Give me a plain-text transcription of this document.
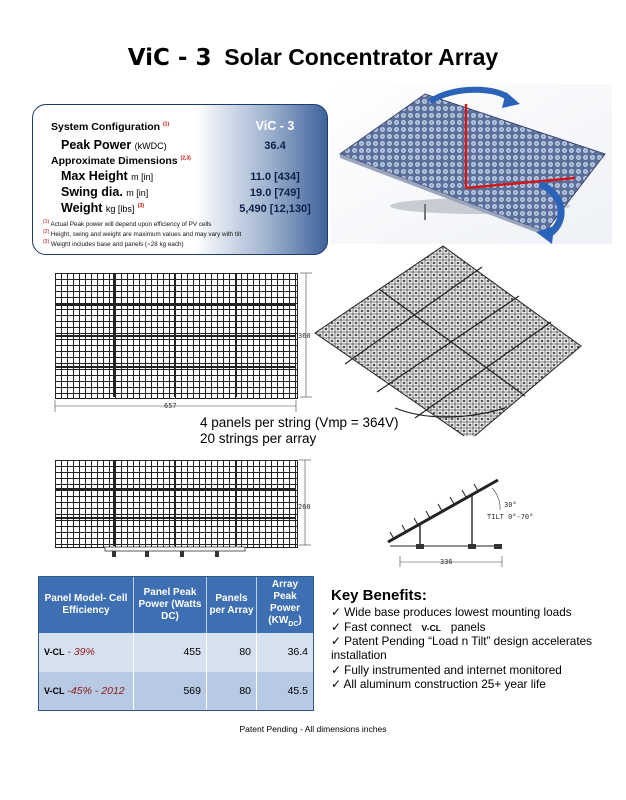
ViC - 3 Solar Concentrator Array
System Configuration $^{(1)}$	ViC - 3
Peak Power (kWDC)	36.4
Approximate Dimensions $^{(2,3)}$
Max Height m [in]	11.0 [434]
Swing dia. m [in]	19.0 [749]
Weight kg [lbs] $^{(3)}$	5,490 [12,130]
$^{(1)}$ Actual Peak power will depend upon efficiency of PV cells
$^{(2)}$ Height, swing and weight are maximum values and may vary with tilt
$^{(3)}$ Weight includes base and panels (~28 kg each)
657
360
4 panels per string (Vmp = 364V)
20 strings per array
260	30°
TILT 0°-70°
336
Panel Model- Cell Efficiency	Panel Peak Power (Watts DC)	Panels per Array	Array Peak Power $(KW_{DC})$
V-CL - 39%	455	80	36.4
V-CL -45% - 2012	569	80	45.5
Key Benefits:
✓ Wide base produces lowest mounting loads
✓ Fast connect   V-CL   panels
✓ Patent Pending “Load n Tilt” design accelerates
installation
✓ Fully instrumented and internet monitored
✓ All aluminum construction 25+ year life
Patent Pending - All dimensions inches
